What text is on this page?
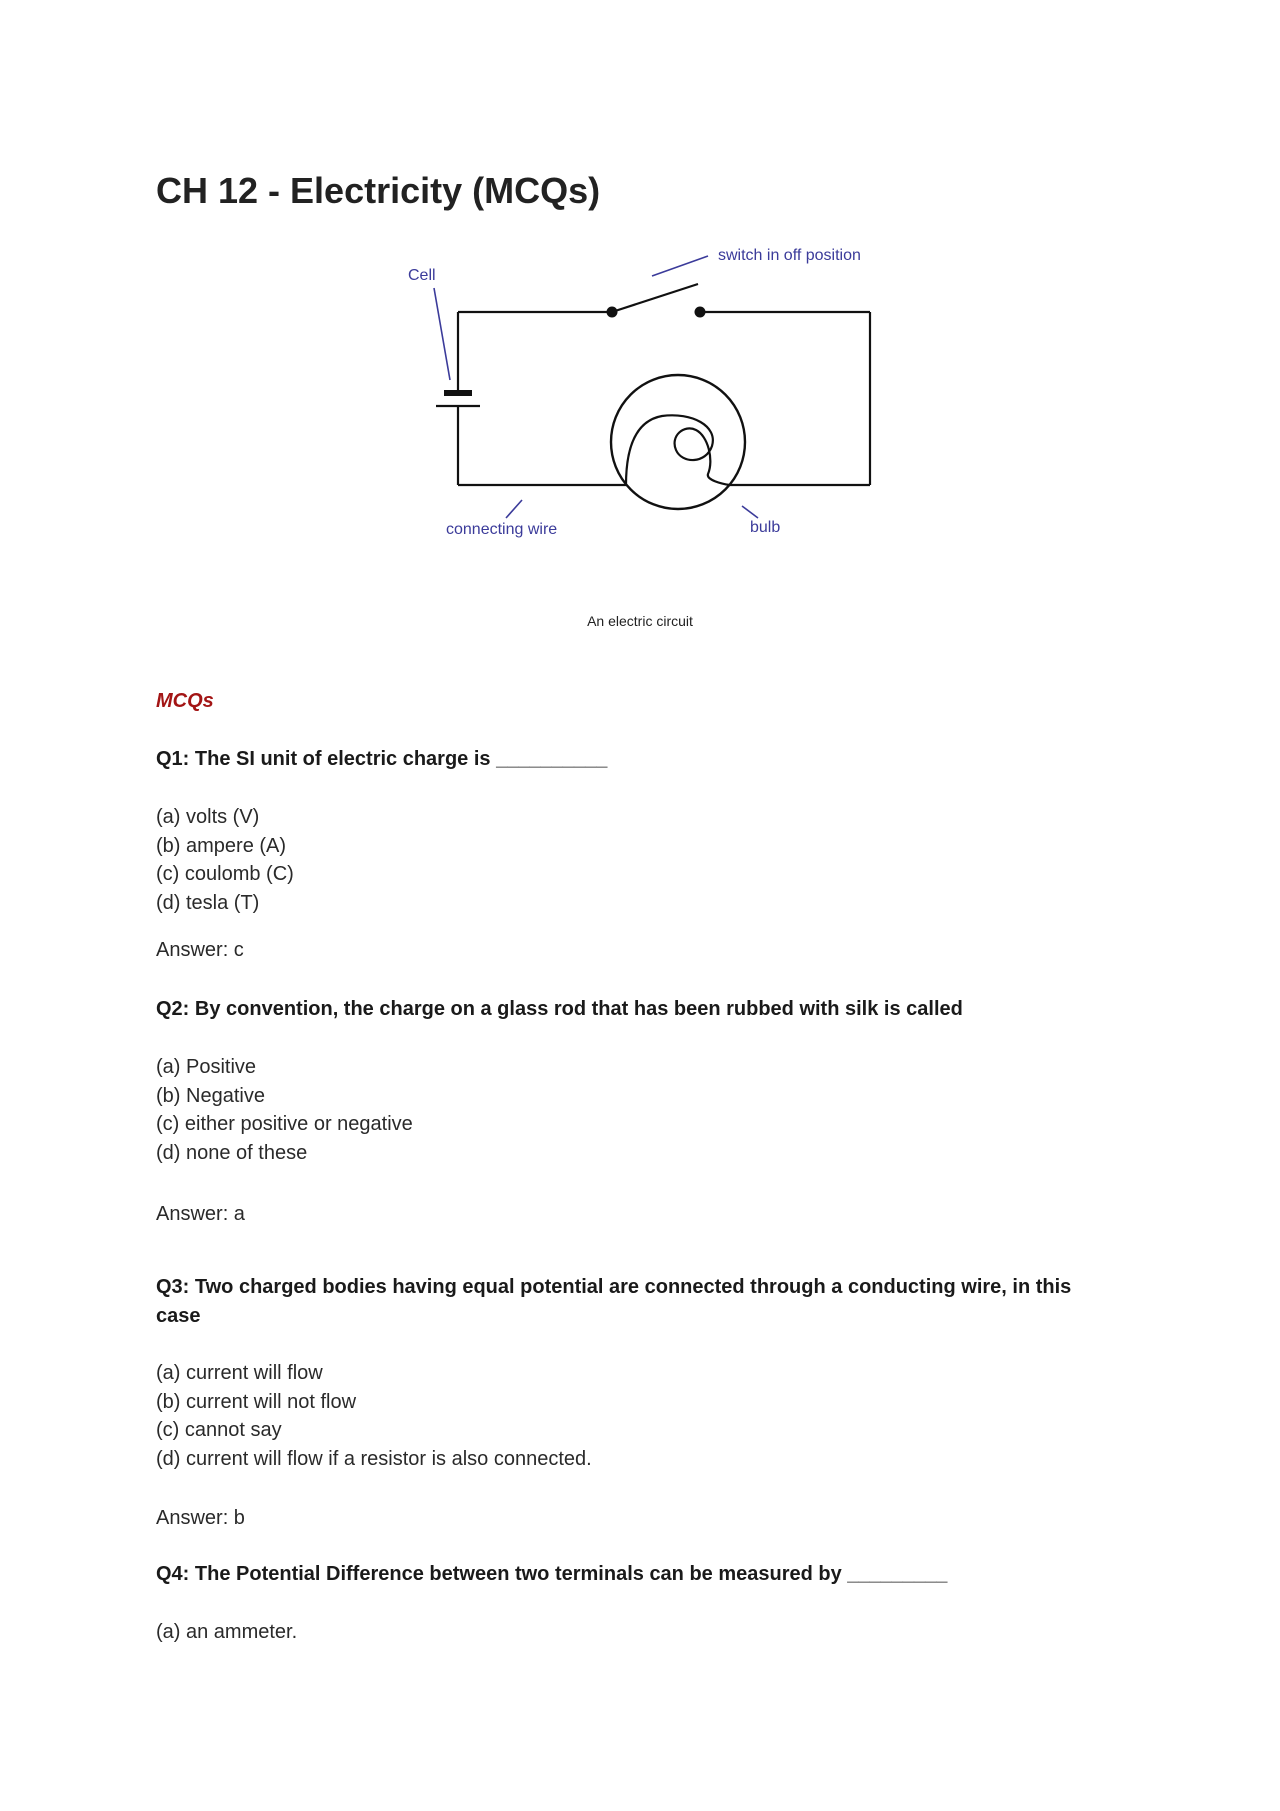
CH 12 - Electricity (MCQs)
Cell
switch in off position
connecting wire	bulb
An electric circuit
MCQs

Q1: The SI unit of electric charge is __________

(a) volts (V)
(b) ampere (A)
(c) coulomb (C)
(d) tesla (T)

Answer: c

Q2: By convention, the charge on a glass rod that has been rubbed with silk is called

(a) Positive
(b) Negative
(c) either positive or negative
(d) none of these

Answer: a

Q3: Two charged bodies having equal potential are connected through a conducting wire, in this case

(a) current will flow
(b) current will not flow
(c) cannot say
(d) current will flow if a resistor is also connected.

Answer: b

Q4: The Potential Difference between two terminals can be measured by _________

(a) an ammeter.
